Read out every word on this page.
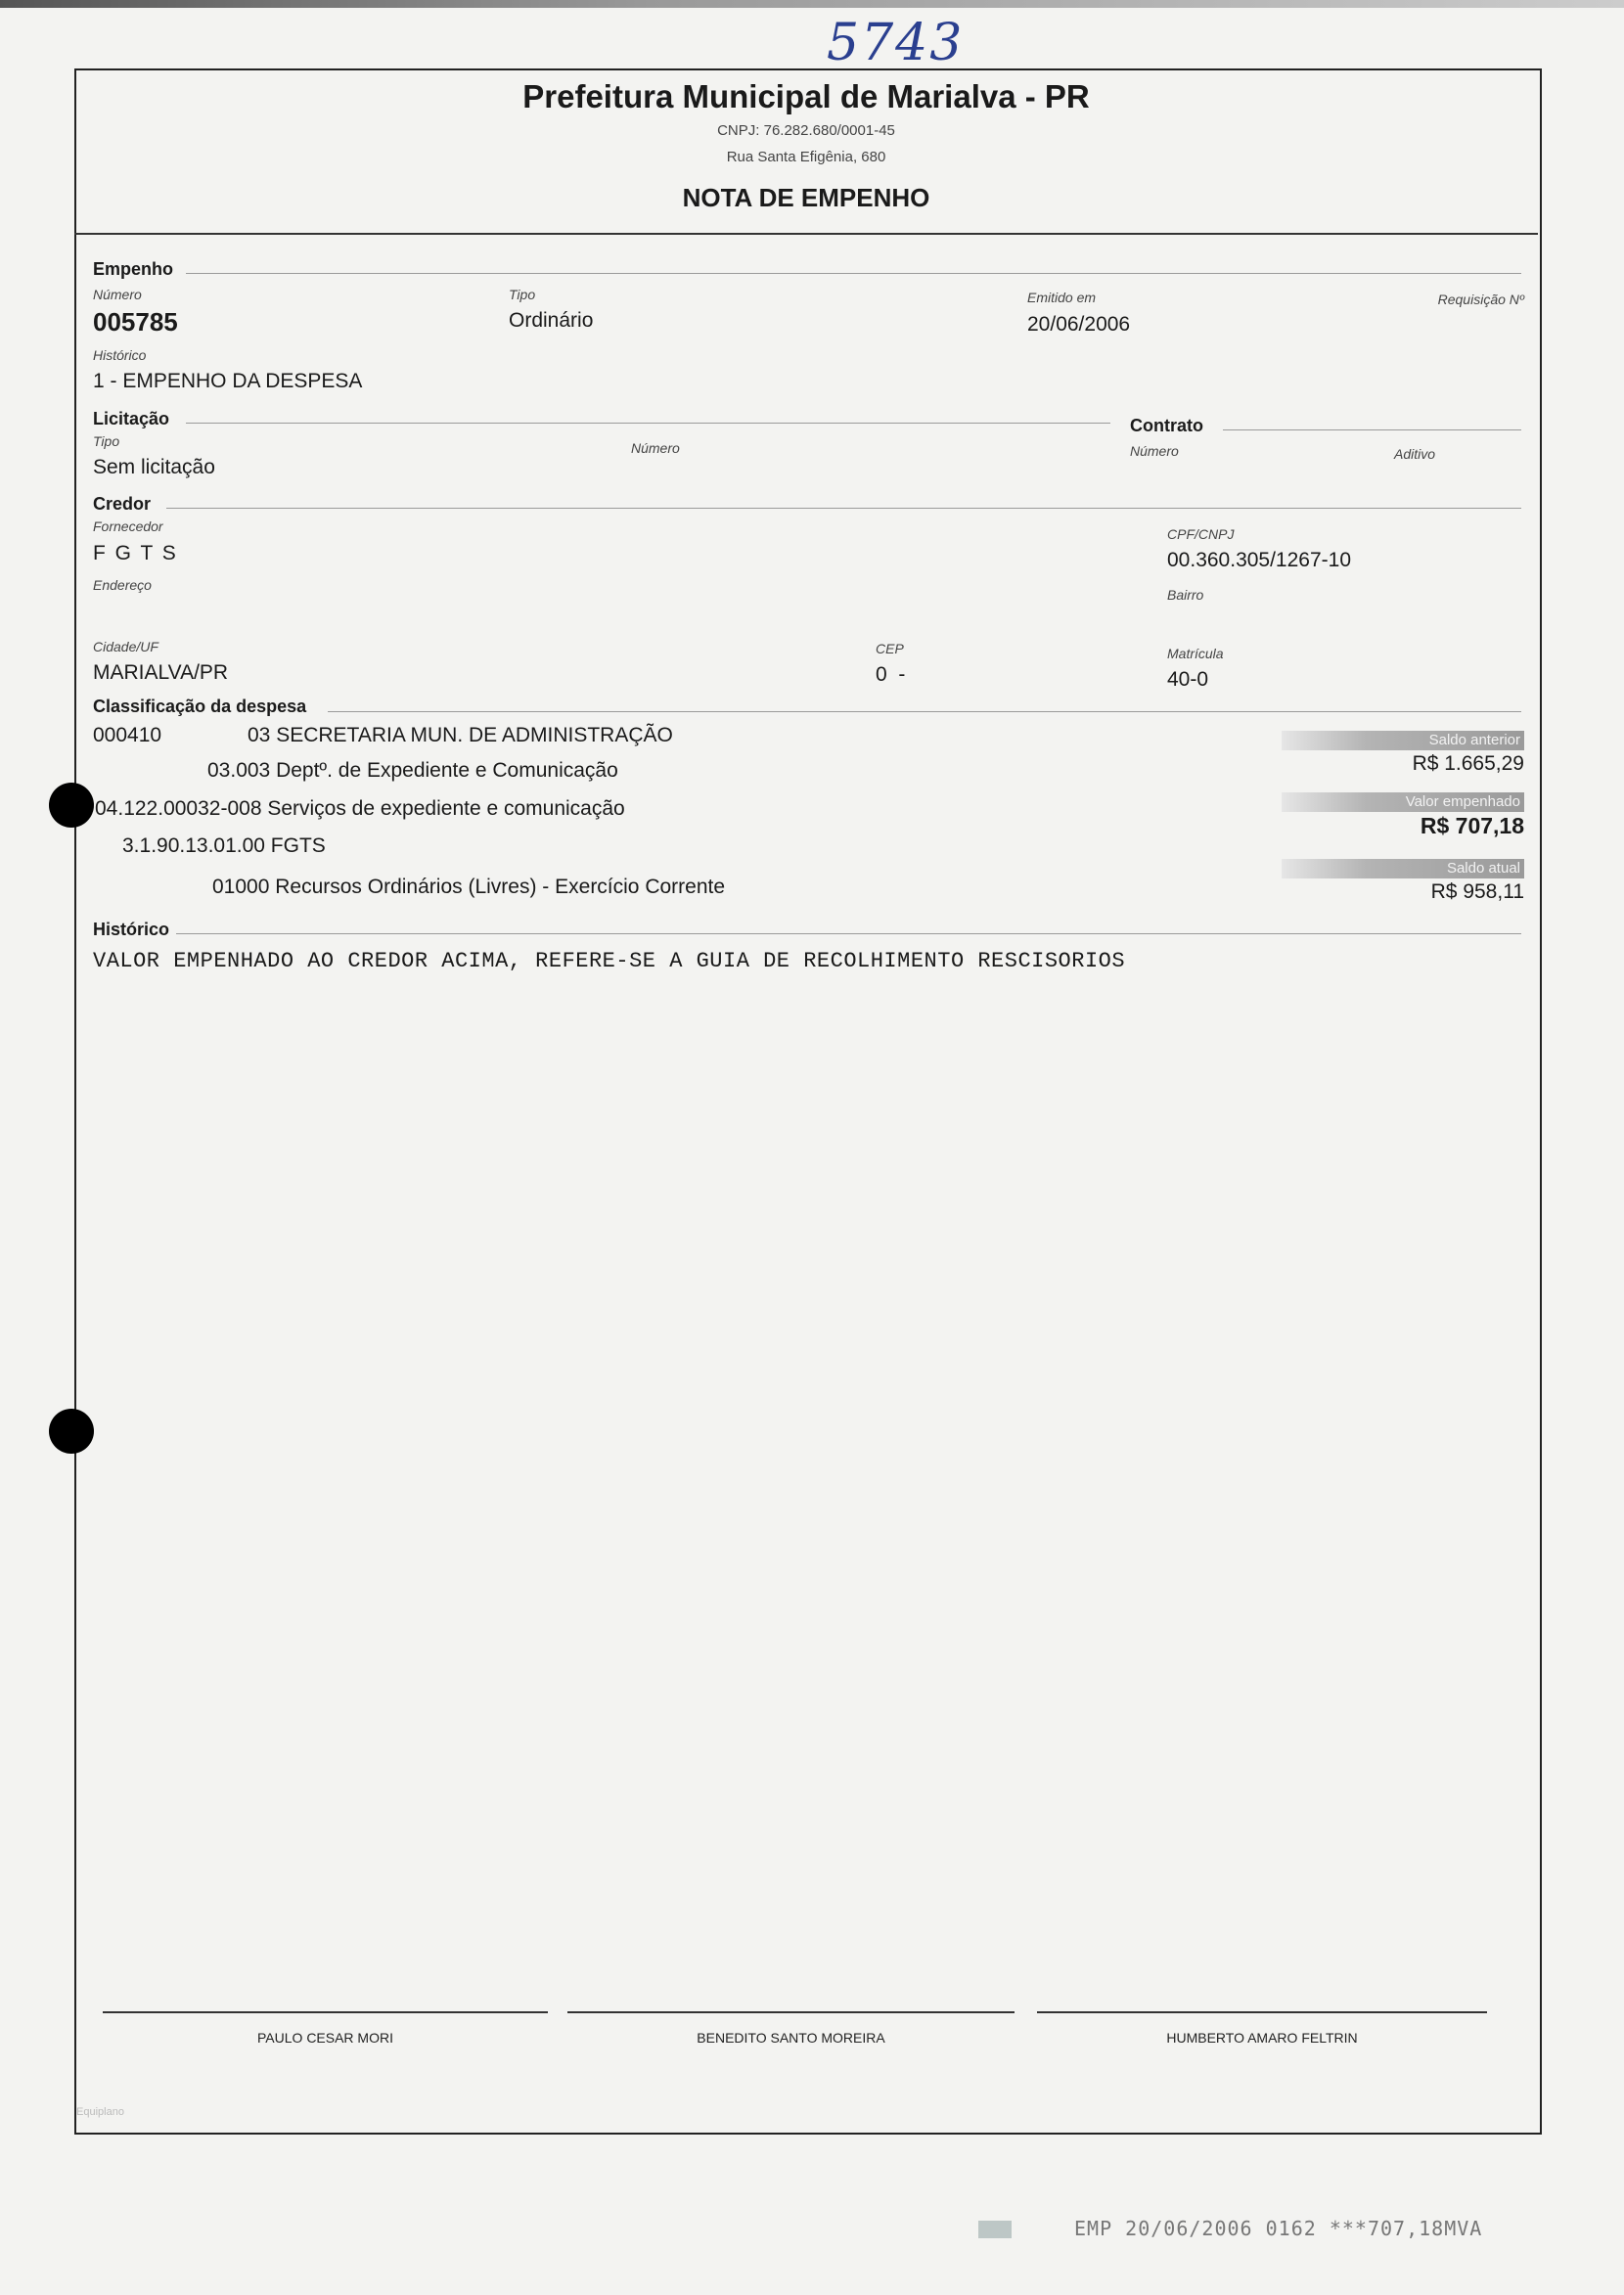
5743
Prefeitura Municipal de Marialva - PR
CNPJ: 76.282.680/0001-45
Rua Santa Efigênia, 680
NOTA DE EMPENHO
Empenho
Número
005785
Tipo
Ordinário
Emitido em
20/06/2006
Requisição Nº
Histórico
1 - EMPENHO DA DESPESA
Licitação
Tipo
Sem licitação
Número
Contrato
Número	Aditivo
Credor
Fornecedor
F G T S
CPF/CNPJ
00.360.305/1267-10
Endereço
Bairro
Cidade/UF
MARIALVA/PR
CEP
0  -
Matrícula
40-0
Classificação da despesa
000410	03 SECRETARIA MUN. DE ADMINISTRAÇÃO
03.003 Deptº. de Expediente e Comunicação
04.122.00032-008 Serviços de expediente e comunicação
3.1.90.13.01.00 FGTS
01000 Recursos Ordinários (Livres) - Exercício Corrente
Saldo anterior
R$ 1.665,29
Valor empenhado
R$ 707,18
Saldo atual
R$ 958,11
Histórico
VALOR EMPENHADO AO CREDOR ACIMA, REFERE-SE A GUIA DE RECOLHIMENTO RESCISORIOS
PAULO CESAR MORI	BENEDITO SANTO MOREIRA	HUMBERTO AMARO FELTRIN
Equiplano
EMP 20/06/2006 0162 ***707,18MVA
